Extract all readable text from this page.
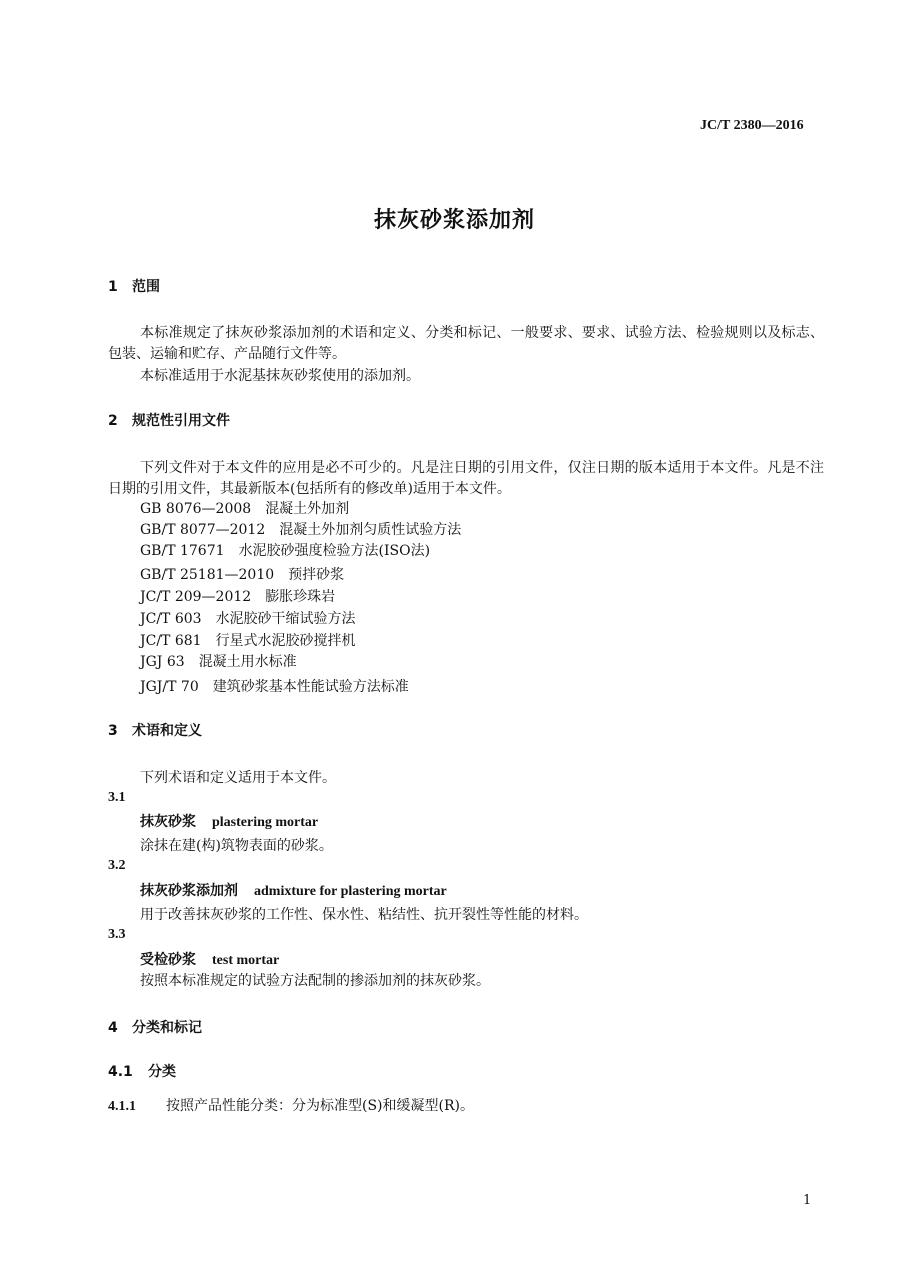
JC/T 2380—2016
抹灰砂浆添加剂
1 范围
本标准规定了抹灰砂浆添加剂的术语和定义、分类和标记、一般要求、要求、试验方法、检验规则以及标志、包装、运输和贮存、产品随行文件等。
本标准适用于水泥基抹灰砂浆使用的添加剂。
2 规范性引用文件
下列文件对于本文件的应用是必不可少的。凡是注日期的引用文件，仅注日期的版本适用于本文件。凡是不注日期的引用文件，其最新版本(包括所有的修改单)适用于本文件。
GB 8076—2008 混凝土外加剂
GB/T 8077—2012 混凝土外加剂匀质性试验方法
GB/T 17671 水泥胶砂强度检验方法(ISO法)
GB/T 25181—2010 预拌砂浆
JC/T 209—2012 膨胀珍珠岩
JC/T 603 水泥胶砂干缩试验方法
JC/T 681 行星式水泥胶砂搅拌机
JGJ 63 混凝土用水标准
JGJ/T 70 建筑砂浆基本性能试验方法标准
3 术语和定义
下列术语和定义适用于本文件。
3.1
抹灰砂浆 plastering mortar
涂抹在建(构)筑物表面的砂浆。
3.2
抹灰砂浆添加剂 admixture for plastering mortar
用于改善抹灰砂浆的工作性、保水性、粘结性、抗开裂性等性能的材料。
3.3
受检砂浆 test mortar
按照本标准规定的试验方法配制的掺添加剂的抹灰砂浆。
4 分类和标记
4.1 分类
4.1.1 按照产品性能分类：分为标准型(S)和缓凝型(R)。
1
